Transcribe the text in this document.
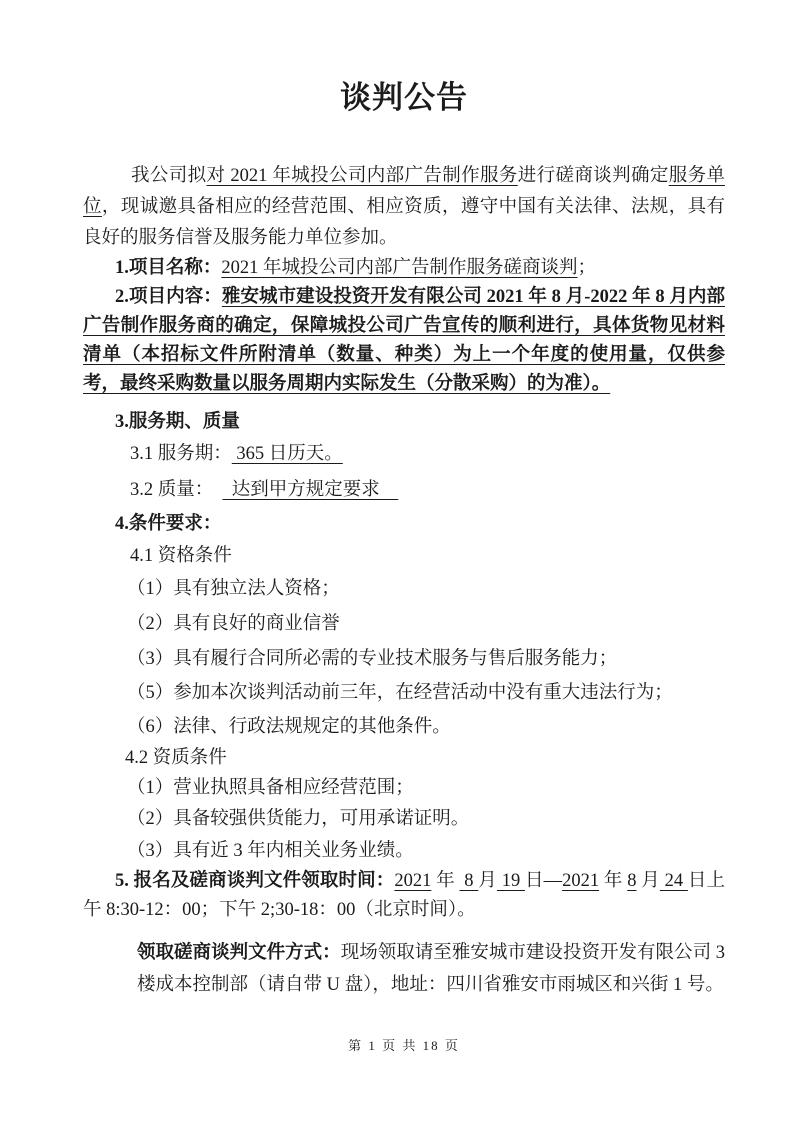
谈判公告

我公司拟对 2021 年城投公司内部广告制作服务进行磋商谈判确定服务单位，现诚邀具备相应的经营范围、相应资质，遵守中国有关法律、法规，具有良好的服务信誉及服务能力单位参加。

1.项目名称：2021 年城投公司内部广告制作服务磋商谈判；

2.项目内容：雅安城市建设投资开发有限公司 2021 年 8 月-2022 年 8 月内部广告制作服务商的确定，保障城投公司广告宣传的顺利进行，具体货物见材料清单（本招标文件所附清单（数量、种类）为上一个年度的使用量，仅供参考，最终采购数量以服务周期内实际发生（分散采购）的为准）。

3.服务期、质量

3.1 服务期： 365 日历天。

3.2 质量：    达到甲方规定要求

4.条件要求：

4.1 资格条件

（1）具有独立法人资格；

（2）具有良好的商业信誉

（3）具有履行合同所必需的专业技术服务与售后服务能力；

（5）参加本次谈判活动前三年，在经营活动中没有重大违法行为；

（6）法律、行政法规规定的其他条件。

4.2 资质条件

（1）营业执照具备相应经营范围；

（2）具备较强供货能力，可用承诺证明。

（3）具有近 3 年内相关业务业绩。

5. 报名及磋商谈判文件领取时间：2021 年  8 月 19 日—2021 年 8 月 24 日上午 8:30-12：00；下午 2;30-18：00（北京时间）。

领取磋商谈判文件方式：现场领取请至雅安城市建设投资开发有限公司 3 楼成本控制部（请自带 U 盘），地址：四川省雅安市雨城区和兴街 1 号。

第 1 页 共 18 页
